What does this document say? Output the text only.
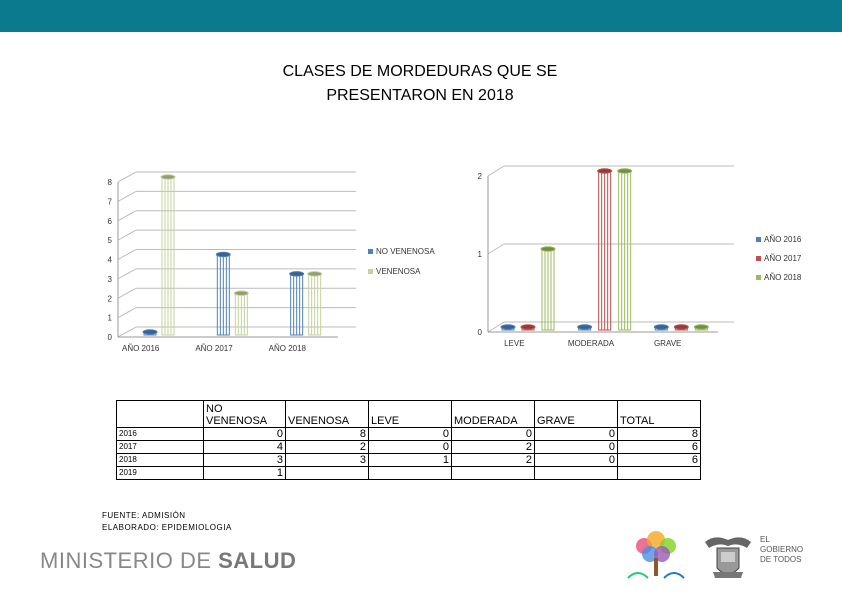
CLASES DE MORDEDURAS QUE SE
PRESENTARON EN 2018
0
1
2
3
4
5
6
7
8
AÑO 2016	AÑO 2017	AÑO 2018
NO VENENOSA
VENENOSA
0
1
2
LEVE	MODERADA	GRAVE
AÑO 2016
AÑO 2017
AÑO 2018
	NO VENENOSA	VENENOSA	LEVE	MODERADA	GRAVE	TOTAL
2016	0	8	0	0	0	8
2017	4	2	0	2	0	6
2018	3	3	1	2	0	6
2019	1					
FUENTE: ADMISIÒN
ELABORADO: EPIDEMIOLOGIA
MINISTERIO DE SALUD
EL
GOBIERNO
DE TODOS
